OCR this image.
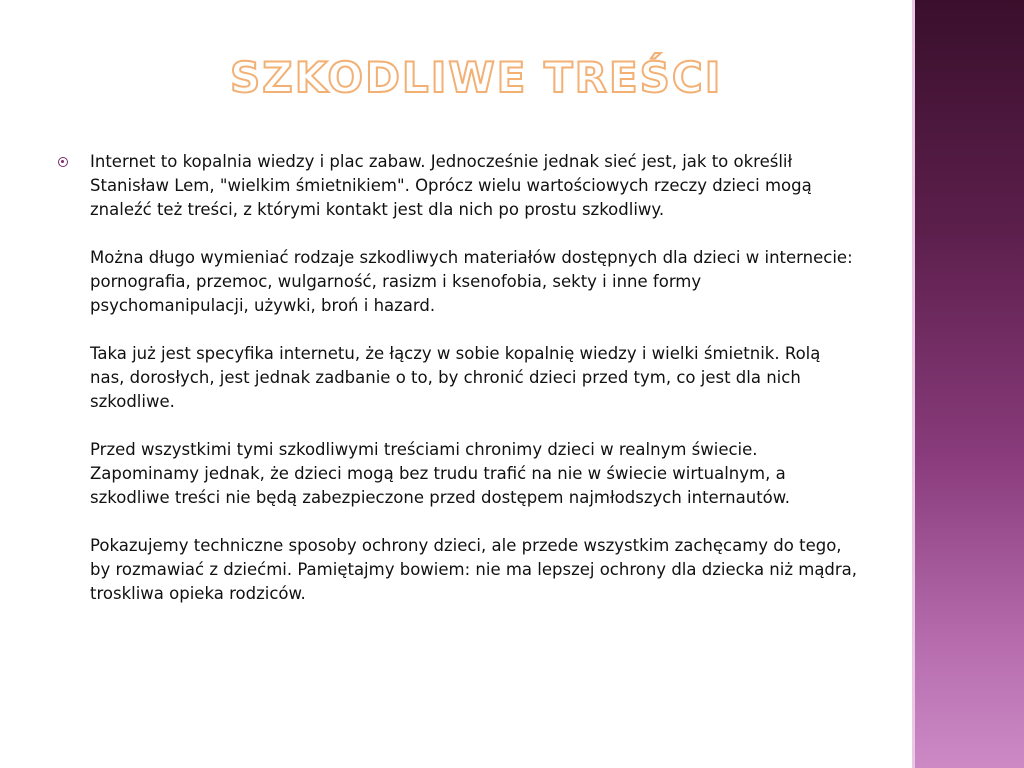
SZKODLIWE TREŚCI

Internet to kopalnia wiedzy i plac zabaw. Jednocześnie jednak sieć jest, jak to określił Stanisław Lem, "wielkim śmietnikiem". Oprócz wielu wartościowych rzeczy dzieci mogą znaleźć też treści, z którymi kontakt jest dla nich po prostu szkodliwy.

Można długo wymieniać rodzaje szkodliwych materiałów dostępnych dla dzieci w internecie: pornografia, przemoc, wulgarność, rasizm i ksenofobia, sekty i inne formy psychomanipulacji, używki, broń i hazard.

Taka już jest specyfika internetu, że łączy w sobie kopalnię wiedzy i wielki śmietnik. Rolą nas, dorosłych, jest jednak zadbanie o to, by chronić dzieci przed tym, co jest dla nich szkodliwe.

Przed wszystkimi tymi szkodliwymi treściami chronimy dzieci w realnym świecie. Zapominamy jednak, że dzieci mogą bez trudu trafić na nie w świecie wirtualnym, a szkodliwe treści nie będą zabezpieczone przed dostępem najmłodszych internautów.

Pokazujemy techniczne sposoby ochrony dzieci, ale przede wszystkim zachęcamy do tego, by rozmawiać z dziećmi. Pamiętajmy bowiem: nie ma lepszej ochrony dla dziecka niż mądra, troskliwa opieka rodziców.
